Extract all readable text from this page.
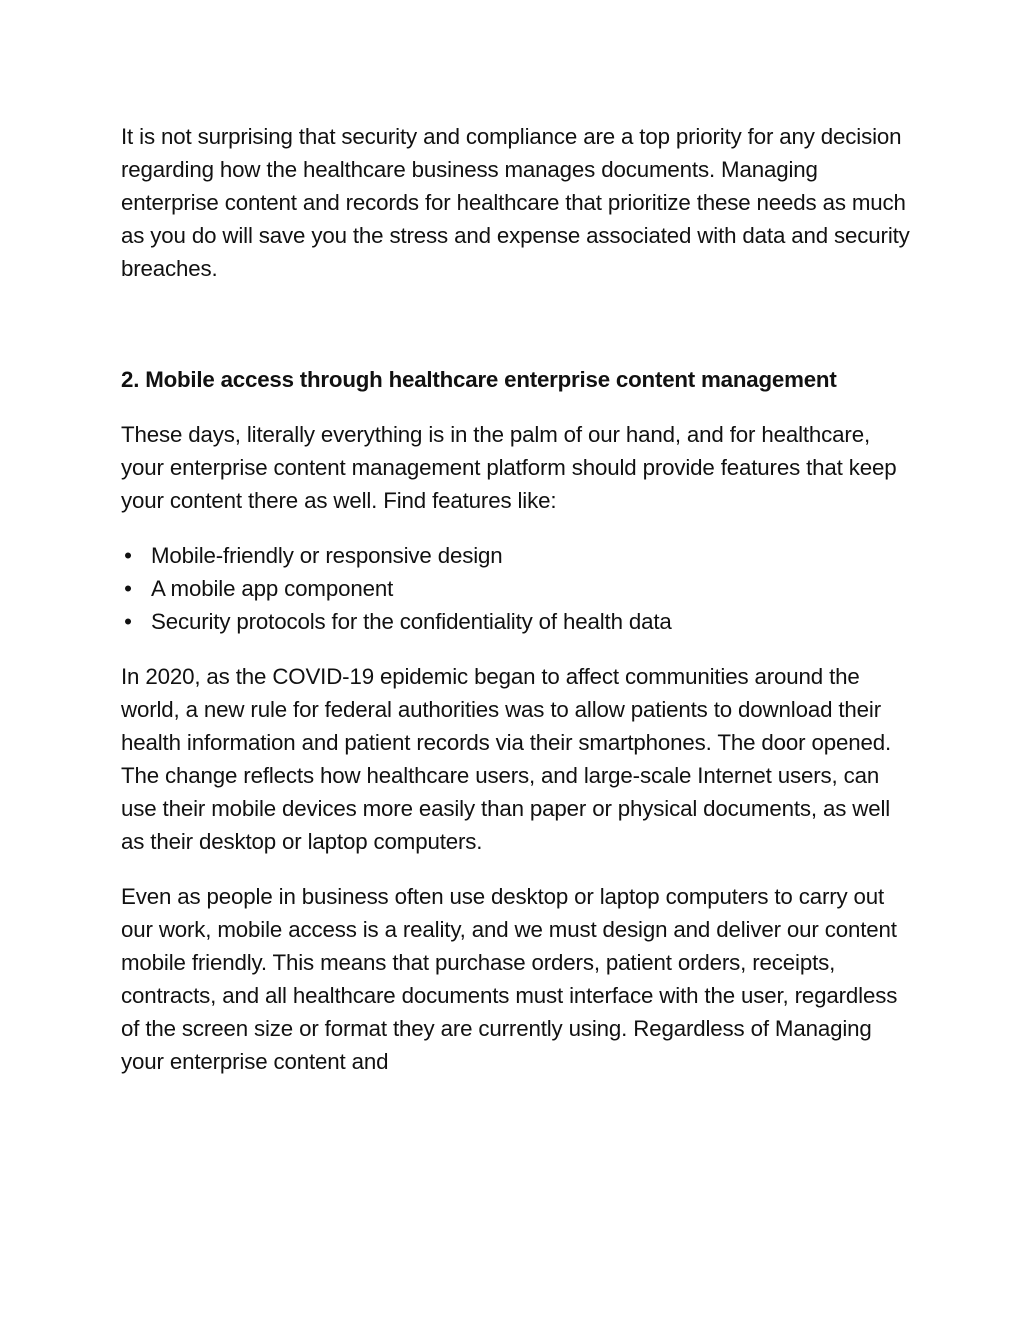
It is not surprising that security and compliance are a top priority for any decision regarding how the healthcare business manages documents. Managing enterprise content and records for healthcare that prioritize these needs as much as you do will save you the stress and expense associated with data and security breaches.

2. Mobile access through healthcare enterprise content management

These days, literally everything is in the palm of our hand, and for healthcare, your enterprise content management platform should provide features that keep your content there as well. Find features like:

• Mobile-friendly or responsive design
• A mobile app component
• Security protocols for the confidentiality of health data

In 2020, as the COVID-19 epidemic began to affect communities around the world, a new rule for federal authorities was to allow patients to download their health information and patient records via their smartphones. The door opened. The change reflects how healthcare users, and large-scale Internet users, can use their mobile devices more easily than paper or physical documents, as well as their desktop or laptop computers.

Even as people in business often use desktop or laptop computers to carry out our work, mobile access is a reality, and we must design and deliver our content mobile friendly. This means that purchase orders, patient orders, receipts, contracts, and all healthcare documents must interface with the user, regardless of the screen size or format they are currently using. Regardless of Managing your enterprise content and
